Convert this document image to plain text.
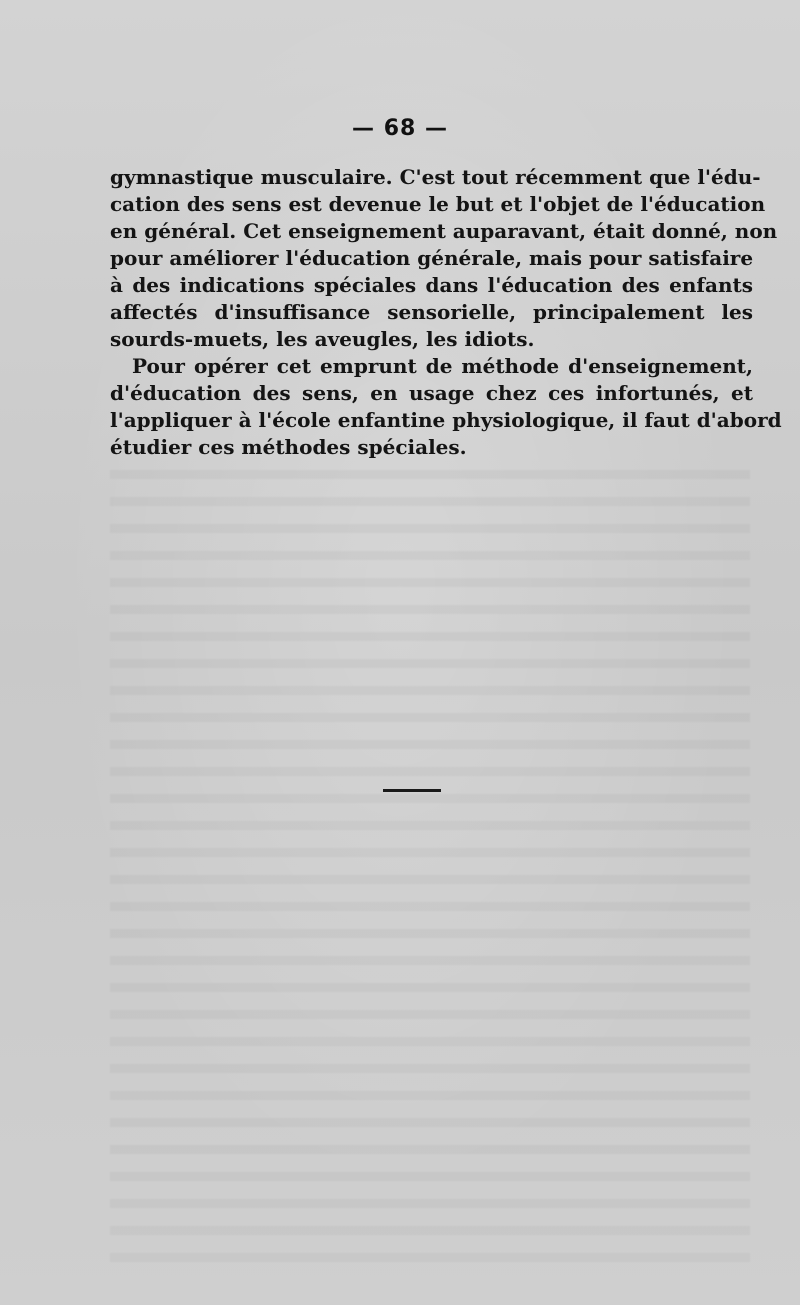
— 68 —
gymnastique musculaire. C'est tout récemment que l'édu-
cation des sens est devenue le but et l'objet de l'éducation
en général. Cet enseignement auparavant, était donné, non
pour améliorer l'éducation générale, mais pour satisfaire
à des indications spéciales dans l'éducation des enfants
affectés d'insuffisance sensorielle, principalement les
sourds-muets, les aveugles, les idiots.
Pour opérer cet emprunt de méthode d'enseignement,
d'éducation des sens, en usage chez ces infortunés, et
l'appliquer à l'école enfantine physiologique, il faut d'abord
étudier ces méthodes spéciales.
